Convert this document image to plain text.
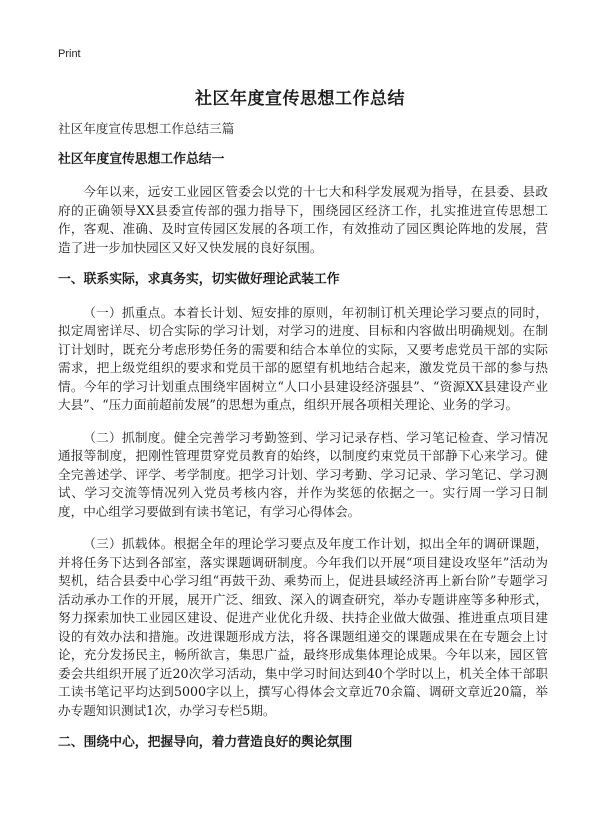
Print
社区年度宣传思想工作总结

社区年度宣传思想工作总结三篇

社区年度宣传思想工作总结一

今年以来，远安工业园区管委会以党的十七大和科学发展观为指导，在县委、县政府的正确领导XX县委宣传部的强力指导下，围绕园区经济工作，扎实推进宣传思想工作，客观、准确、及时宣传园区发展的各项工作，有效推动了园区舆论阵地的发展，营造了进一步加快园区又好又快发展的良好氛围。

一、联系实际，求真务实，切实做好理论武装工作

（一）抓重点。本着长计划、短安排的原则，年初制订机关理论学习要点的同时，拟定周密详尽、切合实际的学习计划，对学习的进度、目标和内容做出明确规划。在制订计划时，既充分考虑形势任务的需要和结合本单位的实际，又要考虑党员干部的实际需求，把上级党组织的要求和党员干部的愿望有机地结合起来，激发党员干部的参与热情。今年的学习计划重点围绕牢固树立“人口小县建设经济强县”、“资源XX县建设产业大县”、“压力面前超前发展”的思想为重点，组织开展各项相关理论、业务的学习。

（二）抓制度。健全完善学习考勤签到、学习记录存档、学习笔记检查、学习情况通报等制度，把刚性管理贯穿党员教育的始终，以制度约束党员干部静下心来学习。健全完善述学、评学、考学制度。把学习计划、学习考勤、学习记录、学习笔记、学习测试、学习交流等情况列入党员考核内容，并作为奖惩的依据之一。实行周一学习日制度，中心组学习要做到有读书笔记，有学习心得体会。

（三）抓载体。根据全年的理论学习要点及年度工作计划，拟出全年的调研课题，并将任务下达到各部室，落实课题调研制度。今年我们以开展“项目建设攻坚年”活动为契机，结合县委中心学习组“再鼓干劲、乘势而上，促进县域经济再上新台阶”专题学习活动承办工作的开展，展开广泛、细致、深入的调查研究，举办专题讲座等多种形式，努力探索加快工业园区建设、促进产业优化升级、扶持企业做大做强、推进重点项目建设的有效办法和措施。改进课题形成方法，将各课题组递交的课题成果在在专题会上讨论，充分发扬民主，畅所欲言，集思广益，最终形成集体理论成果。今年以来，园区管委会共组织开展了近20次学习活动，集中学习时间达到40个学时以上，机关全体干部职工读书笔记平均达到5000字以上，撰写心得体会文章近70余篇、调研文章近20篇，举办专题知识测试1次，办学习专栏5期。

二、围绕中心，把握导向，着力营造良好的舆论氛围
